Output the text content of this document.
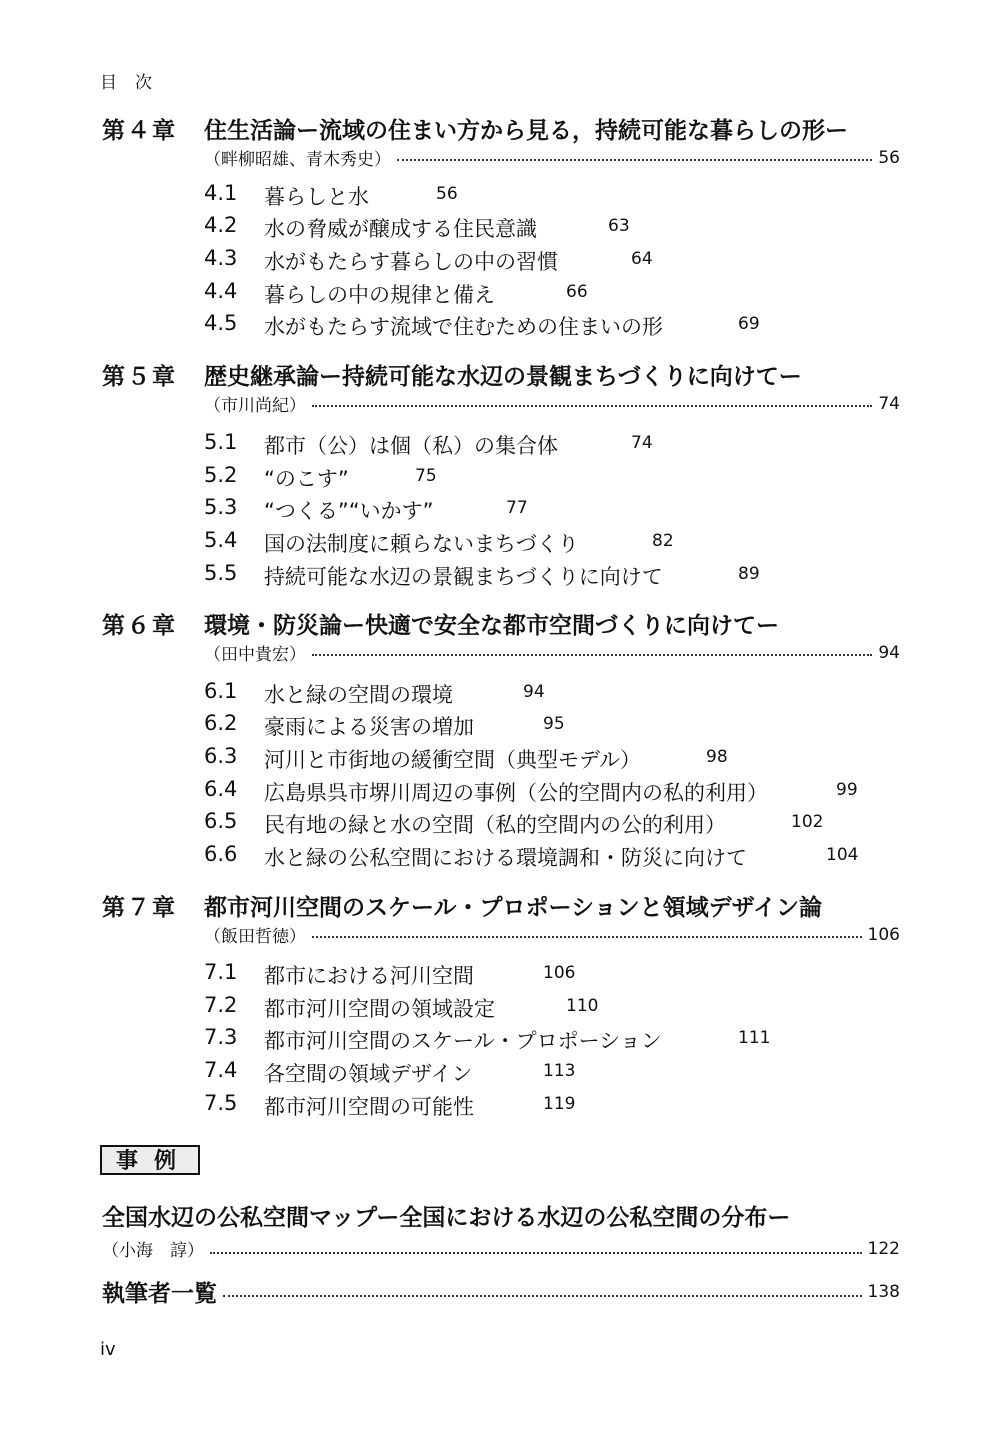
目次
第４章 住生活論ー流域の住まい方から見る，持続可能な暮らしの形ー
（畔柳昭雄、青木秀史）	56
4.1 暮らしと水	56
4.2 水の脅威が醸成する住民意識	63
4.3 水がもたらす暮らしの中の習慣	64
4.4 暮らしの中の規律と備え	66
4.5 水がもたらす流域で住むための住まいの形	69
第５章 歴史継承論ー持続可能な水辺の景観まちづくりに向けてー
（市川尚紀）	74
5.1 都市（公）は個（私）の集合体	74
5.2 “のこす”	75
5.3 “つくる”“いかす”	77
5.4 国の法制度に頼らないまちづくり	82
5.5 持続可能な水辺の景観まちづくりに向けて	89
第６章 環境・防災論ー快適で安全な都市空間づくりに向けてー
（田中貴宏）	94
6.1 水と緑の空間の環境	94
6.2 豪雨による災害の増加	95
6.3 河川と市街地の緩衝空間（典型モデル）	98
6.4 広島県呉市堺川周辺の事例（公的空間内の私的利用）	99
6.5 民有地の緑と水の空間（私的空間内の公的利用）	102
6.6 水と緑の公私空間における環境調和・防災に向けて	104
第７章 都市河川空間のスケール・プロポーションと領域デザイン論
（飯田哲徳）	106
7.1 都市における河川空間	106
7.2 都市河川空間の領域設定	110
7.3 都市河川空間のスケール・プロポーション	111
7.4 各空間の領域デザイン	113
7.5 都市河川空間の可能性	119
事例
全国水辺の公私空間マップー全国における水辺の公私空間の分布ー
（小海　諄）	122
執筆者一覧	138
iv
